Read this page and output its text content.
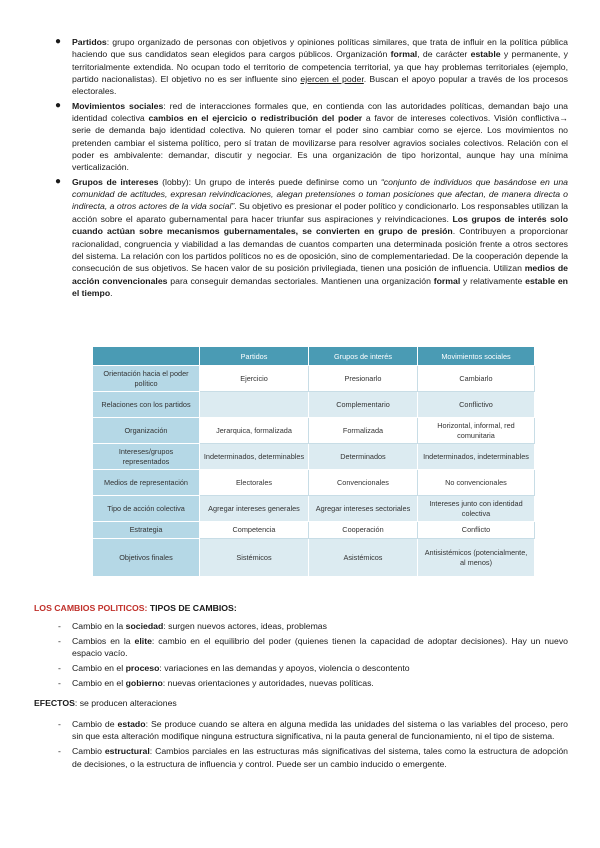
● Partidos: grupo organizado de personas con objetivos y opiniones políticas similares, que trata de influir en la política pública haciendo que sus candidatos sean elegidos para cargos públicos. Organización formal, de carácter estable y permanente, y territorialmente extendida. No ocupan todo el territorio de competencia territorial, ya que hay problemas territoriales (ejemplo, partido nacionalistas). El objetivo no es ser influente sino ejercen el poder. Buscan el apoyo popular a través de los procesos electorales.
● Movimientos sociales: red de interacciones formales que, en contienda con las autoridades políticas, demandan bajo una identidad colectiva cambios en el ejercicio o redistribución del poder a favor de intereses colectivos. Visión conflictiva→ serie de demanda bajo identidad colectiva. No quieren tomar el poder sino cambiar como se ejerce. Los movimientos no pretenden cambiar el sistema político, pero sí tratan de movilizarse para resolver agravios sociales colectivos. Relación con el poder es ambivalente: demandar, discutir y negociar. Es una organización de tipo horizontal, aunque hay una mínima verticalización.
● Grupos de intereses (lobby): Un grupo de interés puede definirse como un “conjunto de individuos que basándose en una comunidad de actitudes, expresan reivindicaciones, alegan pretensiones o toman posiciones que afectan, de manera directa o indirecta, a otros actores de la vida social”. Su objetivo es presionar el poder político y condicionarlo. Los responsables utilizan la acción sobre el aparato gubernamental para hacer triunfar sus aspiraciones y reivindicaciones. Los grupos de interés solo cuando actúan sobre mecanismos gubernamentales, se convierten en grupo de presión. Contribuyen a proporcionar racionalidad, congruencia y viabilidad a las demandas de cuantos comparten una determinada posición frente a otros sectores del sistema. La relación con los partidos políticos no es de oposición, sino de complementariedad. De la cooperación depende la consecución de sus objetivos. Se hacen valor de su posición privilegiada, tienen una posición de influencia. Utilizan medios de acción convencionales para conseguir demandas sectoriales. Mantienen una organización formal y relativamente estable en el tiempo.
	Partidos	Grupos de interés	Movimientos sociales
Orientación hacia el poder político	Ejercicio	Presionarlo	Cambiarlo
Relaciones con los partidos		Complementario	Conflictivo
Organización	Jerarquica, formalizada	Formalizada	Horizontal, informal, red comunitaria
Intereses/grupos representados	Indeterminados, determinables	Determinados	Indeterminados, indeterminables
Medios de representación	Electorales	Convencionales	No convencionales
Tipo de acción colectiva	Agregar intereses generales	Agregar intereses sectoriales	Intereses junto con identidad colectiva
Estrategia	Competencia	Cooperación	Conflicto
Objetivos finales	Sistémicos	Asistémicos	Antisistémicos (potencialmente, al menos)
LOS CAMBIOS POLITICOS: TIPOS DE CAMBIOS:
- Cambio en la sociedad: surgen nuevos actores, ideas, problemas
- Cambios en la elite: cambio en el equilibrio del poder (quienes tienen la capacidad de adoptar decisiones). Hay un nuevo espacio vacío.
- Cambio en el proceso: variaciones en las demandas y apoyos, violencia o descontento
- Cambio en el gobierno: nuevas orientaciones y autoridades, nuevas políticas.
EFECTOS: se producen alteraciones
- Cambio de estado: Se produce cuando se altera en alguna medida las unidades del sistema o las variables del proceso, pero sin que esta alteración modifique ninguna estructura significativa, ni la pauta general de funcionamiento, ni el tipo de sistema.
- Cambio estructural: Cambios parciales en las estructuras más significativas del sistema, tales como la estructura de adopción de decisiones, o la estructura de influencia y control. Puede ser un cambio inducido o emergente.
